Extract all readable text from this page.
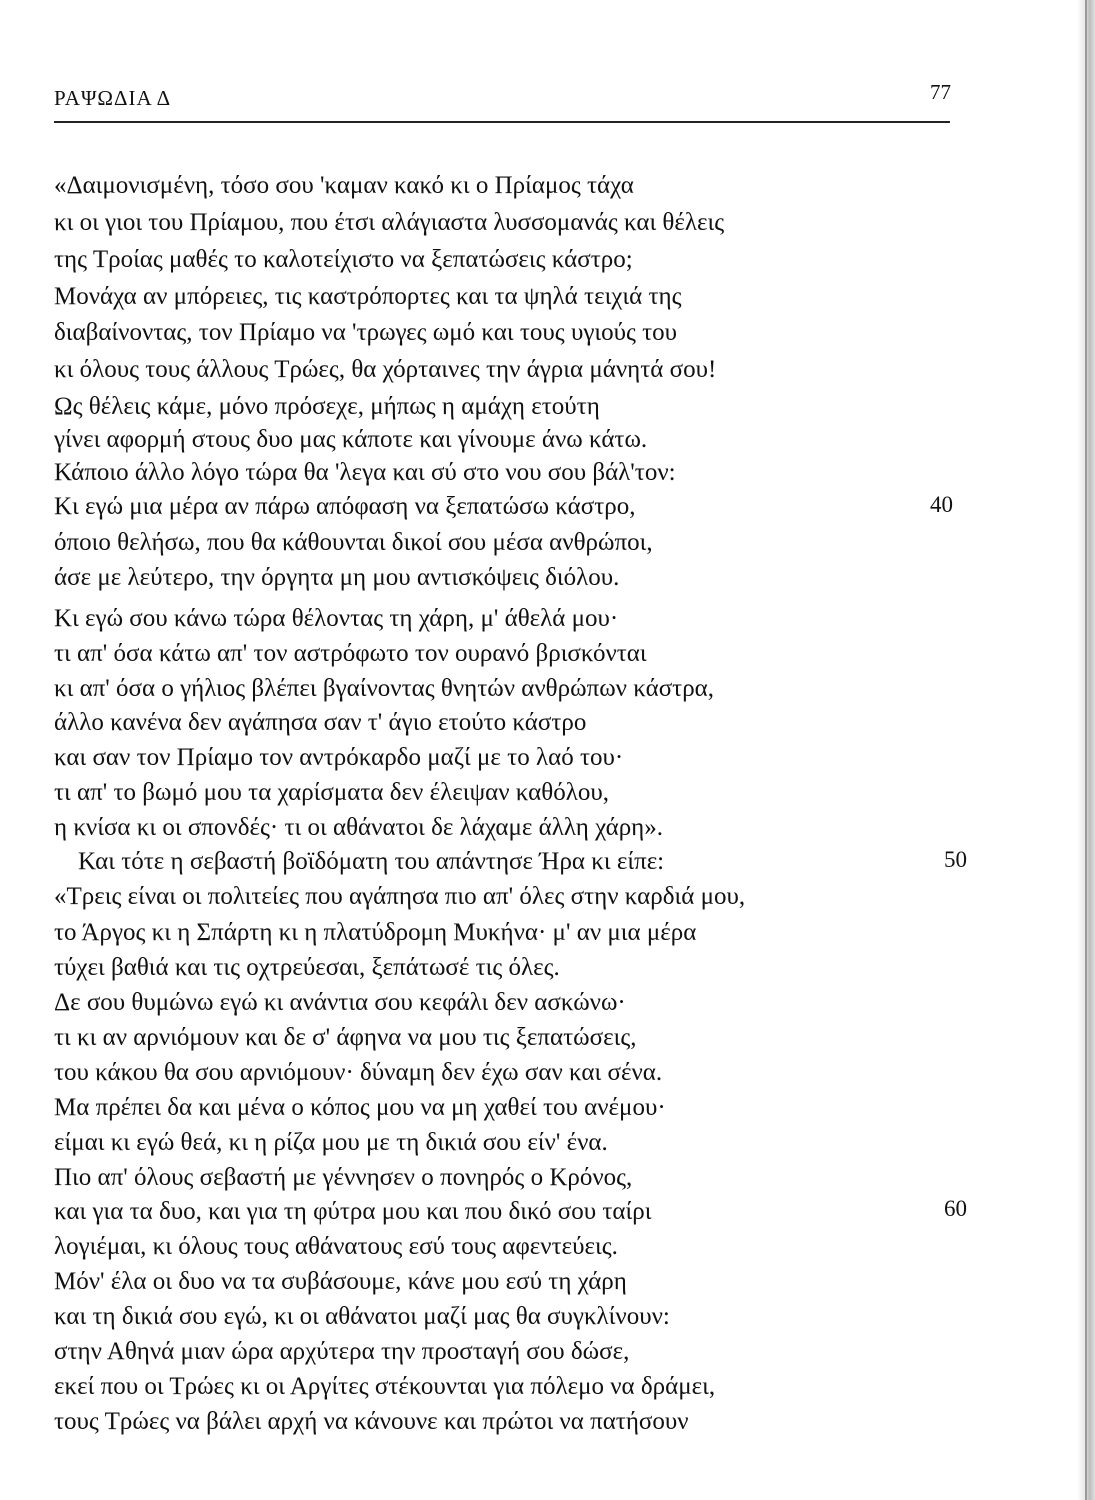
ΡΑΨΩΔΙΑ Δ	77
«Δαιμονισμένη, τόσο σου 'καμαν κακό κι ο Πρίαμος τάχα
κι οι γιοι του Πρίαμου, που έτσι αλάγιαστα λυσσομανάς και θέλεις
της Τροίας μαθές το καλοτείχιστο να ξεπατώσεις κάστρο;
Μονάχα αν μπόρειες, τις καστρόπορτες και τα ψηλά τειχιά της
διαβαίνοντας, τον Πρίαμο να 'τρωγες ωμό και τους υγιούς του
κι όλους τους άλλους Τρώες, θα χόρταινες την άγρια μάνητά σου!
Ως θέλεις κάμε, μόνο πρόσεχε, μήπως η αμάχη ετούτη
γίνει αφορμή στους δυο μας κάποτε και γίνουμε άνω κάτω.
Κάποιο άλλο λόγο τώρα θα 'λεγα και σύ στο νου σου βάλ'τον:
Κι εγώ μια μέρα αν πάρω απόφαση να ξεπατώσω κάστρο,
όποιο θελήσω, που θα κάθουνται δικοί σου μέσα ανθρώποι,
άσε με λεύτερο, την όργητα μη μου αντισκόψεις διόλου.
Κι εγώ σου κάνω τώρα θέλοντας τη χάρη, μ' άθελά μου·
τι απ' όσα κάτω απ' τον αστρόφωτο τον ουρανό βρισκόνται
κι απ' όσα ο γήλιος βλέπει βγαίνοντας θνητών ανθρώπων κάστρα,
άλλο κανένα δεν αγάπησα σαν τ' άγιο ετούτο κάστρο
και σαν τον Πρίαμο τον αντρόκαρδο μαζί με το λαό του·
τι απ' το βωμό μου τα χαρίσματα δεν έλειψαν καθόλου,
η κνίσα κι οι σπονδές· τι οι αθάνατοι δε λάχαμε άλλη χάρη».
Και τότε η σεβαστή βοϊδόματη του απάντησε Ήρα κι είπε:
«Τρεις είναι οι πολιτείες που αγάπησα πιο απ' όλες στην καρδιά μου,
το Άργος κι η Σπάρτη κι η πλατύδρομη Μυκήνα· μ' αν μια μέρα
τύχει βαθιά και τις οχτρεύεσαι, ξεπάτωσέ τις όλες.
Δε σου θυμώνω εγώ κι ανάντια σου κεφάλι δεν ασκώνω·
τι κι αν αρνιόμουν και δε σ' άφηνα να μου τις ξεπατώσεις,
του κάκου θα σου αρνιόμουν· δύναμη δεν έχω σαν και σένα.
Μα πρέπει δα και μένα ο κόπος μου να μη χαθεί του ανέμου·
είμαι κι εγώ θεά, κι η ρίζα μου με τη δικιά σου είν' ένα.
Πιο απ' όλους σεβαστή με γέννησεν ο πονηρός ο Κρόνος,
και για τα δυο, και για τη φύτρα μου και που δικό σου ταίρι
λογιέμαι, κι όλους τους αθάνατους εσύ τους αφεντεύεις.
Μόν' έλα οι δυο να τα συβάσουμε, κάνε μου εσύ τη χάρη
και τη δικιά σου εγώ, κι οι αθάνατοι μαζί μας θα συγκλίνουν:
στην Αθηνά μιαν ώρα αρχύτερα την προσταγή σου δώσε,
εκεί που οι Τρώες κι οι Αργίτες στέκουνται για πόλεμο να δράμει,
τους Τρώες να βάλει αρχή να κάνουνε και πρώτοι να πατήσουν
40
50
60
